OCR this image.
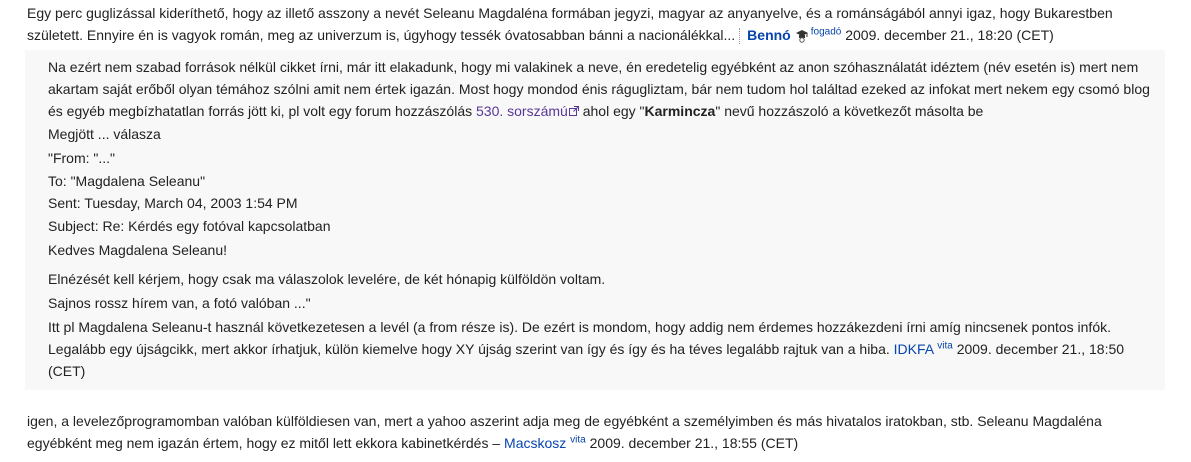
Egy perc guglizással kideríthető, hogy az illető asszony a nevét Seleanu Magdaléna formában jegyzi, magyar az anyanyelve, és a románságából annyi igaz, hogy Bukarestben
született. Ennyire én is vagyok román, meg az univerzum is, úgyhogy tessék óvatosabban bánni a nacionálékkal... Bennó $^{fogadó}$ 2009. december 21., 18:20 (CET)
Na ezért nem szabad források nélkül cikket írni, már itt elakadunk, hogy mi valakinek a neve, én eredetelig egyébként az anon szóhasználatát idéztem (név esetén is) mert nem
akartam saját erőből olyan témához szólni amit nem értek igazán. Most hogy mondod énis rágugliztam, bár nem tudom hol találtad ezeked az infokat mert nekem egy csomó blog
és egyéb megbízhatatlan forrás jött ki, pl volt egy forum hozzászólás 530. sorszámú ahol egy "Karmincza" nevű hozzászoló a következőt másolta be
Megjött ... válasza
"From: "..."
To: "Magdalena Seleanu"
Sent: Tuesday, March 04, 2003 1:54 PM
Subject: Re: Kérdés egy fotóval kapcsolatban
Kedves Magdalena Seleanu!
Elnézését kell kérjem, hogy csak ma válaszolok levelére, de két hónapig külföldön voltam.
Sajnos rossz hírem van, a fotó valóban ..."
Itt pl Magdalena Seleanu-t használ következetesen a levél (a from része is). De ezért is mondom, hogy addig nem érdemes hozzákezdeni írni amíg nincsenek pontos infók.
Legalább egy újságcikk, mert akkor írhatjuk, külön kiemelve hogy XY újság szerint van így és így és ha téves legalább rajtuk van a hiba. IDKFA $^{vita}$ 2009. december 21., 18:50
(CET)
igen, a levelezőprogramomban valóban külföldiesen van, mert a yahoo aszerint adja meg de egyébként a személyimben és más hivatalos iratokban, stb. Seleanu Magdaléna
egyébként meg nem igazán értem, hogy ez mitől lett ekkora kabinetkérdés – Macskosz $^{vita}$ 2009. december 21., 18:55 (CET)
